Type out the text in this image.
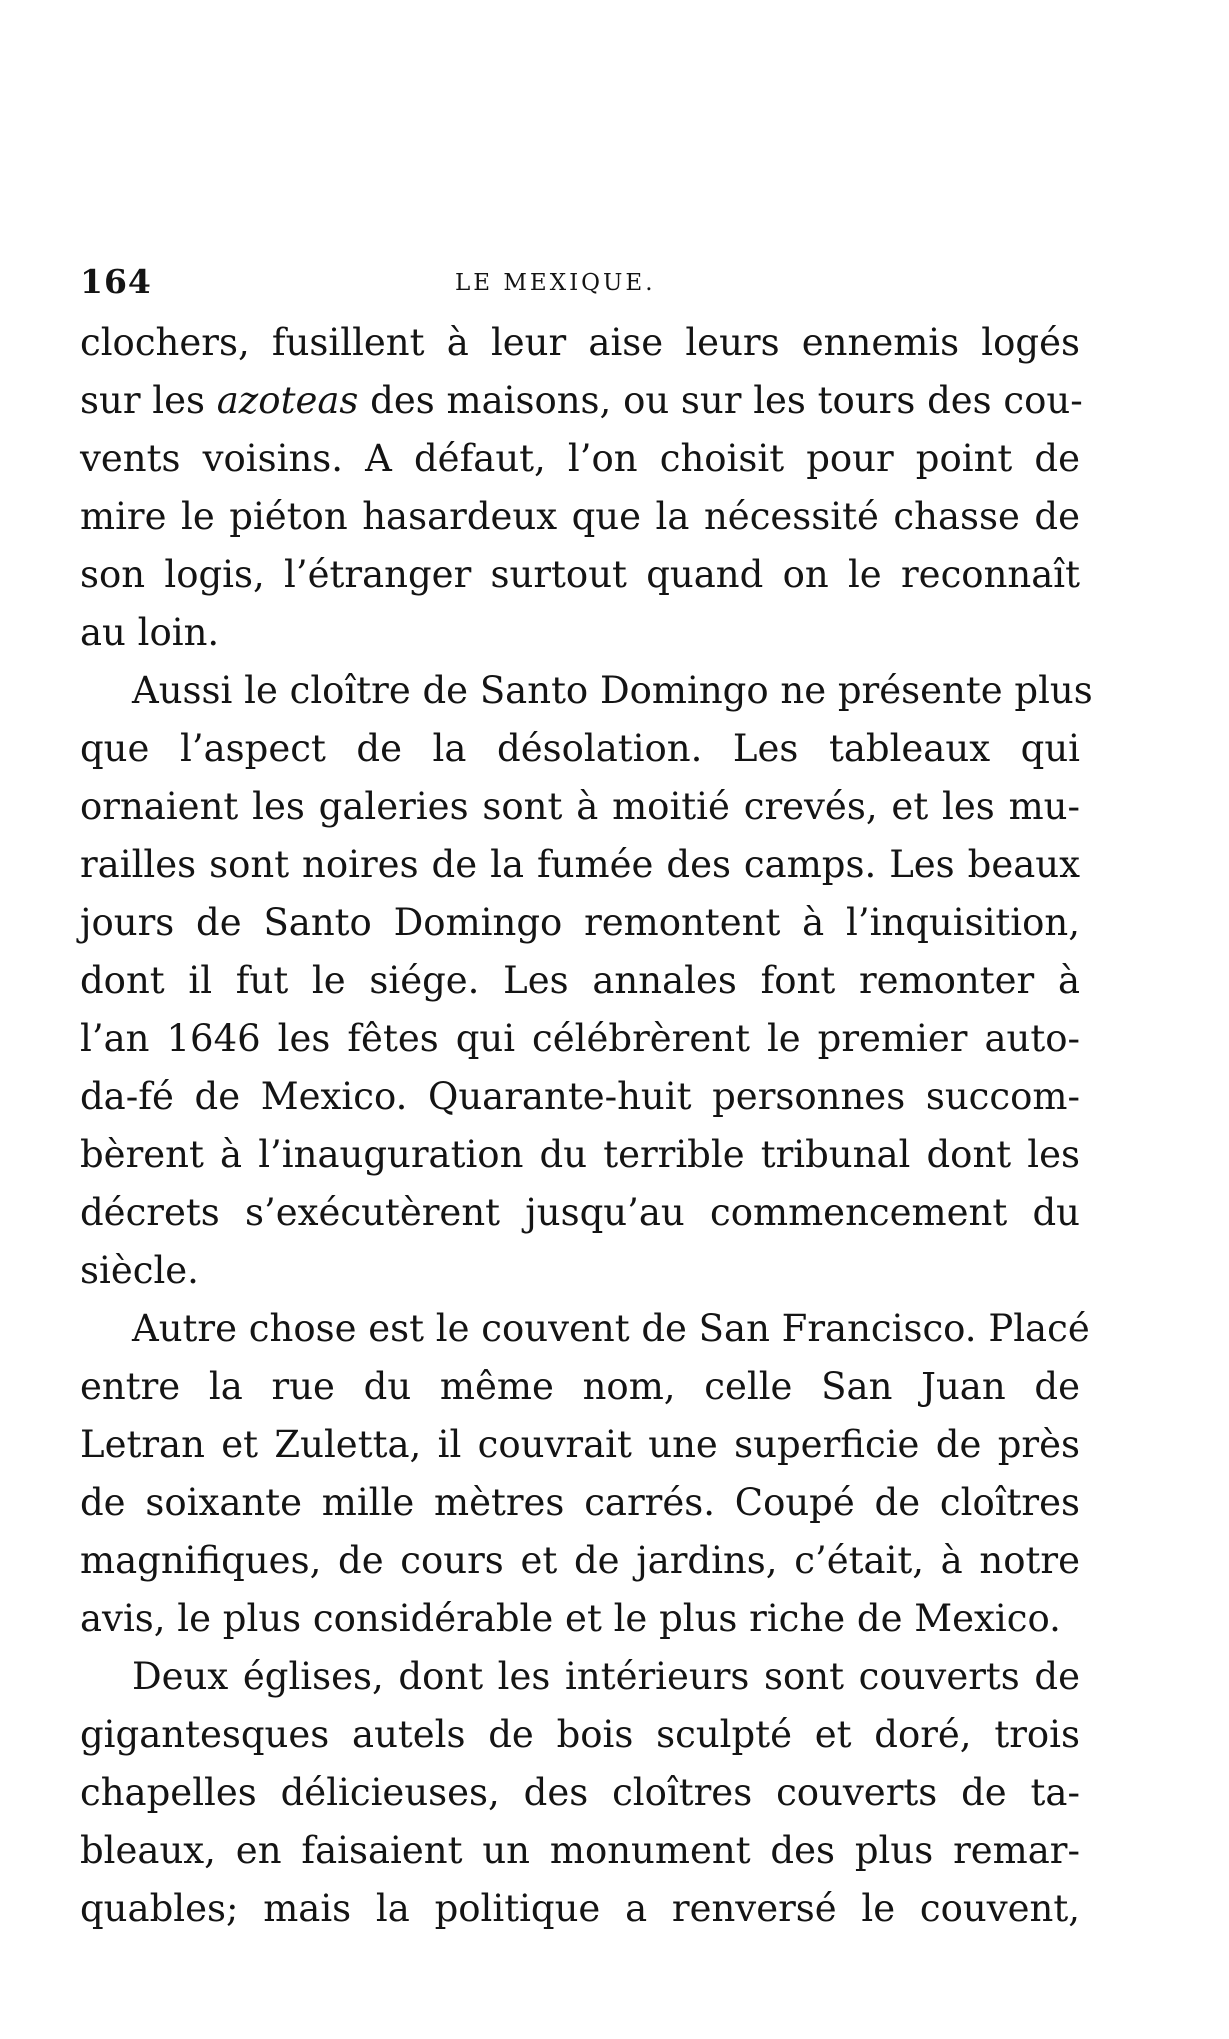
164	LE MEXIQUE.
clochers, fusillent à leur aise leurs ennemis logés
sur les azoteas des maisons, ou sur les tours des cou-
vents voisins. A défaut, l’on choisit pour point de
mire le piéton hasardeux que la nécessité chasse de
son logis, l’étranger surtout quand on le reconnaît
au loin.
Aussi le cloître de Santo Domingo ne présente plus
que l’aspect de la désolation. Les tableaux qui
ornaient les galeries sont à moitié crevés, et les mu-
railles sont noires de la fumée des camps. Les beaux
jours de Santo Domingo remontent à l’inquisition,
dont il fut le siége. Les annales font remonter à
l’an 1646 les fêtes qui célébrèrent le premier auto-
da-fé de Mexico. Quarante-huit personnes succom-
bèrent à l’inauguration du terrible tribunal dont les
décrets s’exécutèrent jusqu’au commencement du
siècle.
Autre chose est le couvent de San Francisco. Placé
entre la rue du même nom, celle San Juan de
Letran et Zuletta, il couvrait une superficie de près
de soixante mille mètres carrés. Coupé de cloîtres
magnifiques, de cours et de jardins, c’était, à notre
avis, le plus considérable et le plus riche de Mexico.
Deux églises, dont les intérieurs sont couverts de
gigantesques autels de bois sculpté et doré, trois
chapelles délicieuses, des cloîtres couverts de ta-
bleaux, en faisaient un monument des plus remar-
quables; mais la politique a renversé le couvent,
